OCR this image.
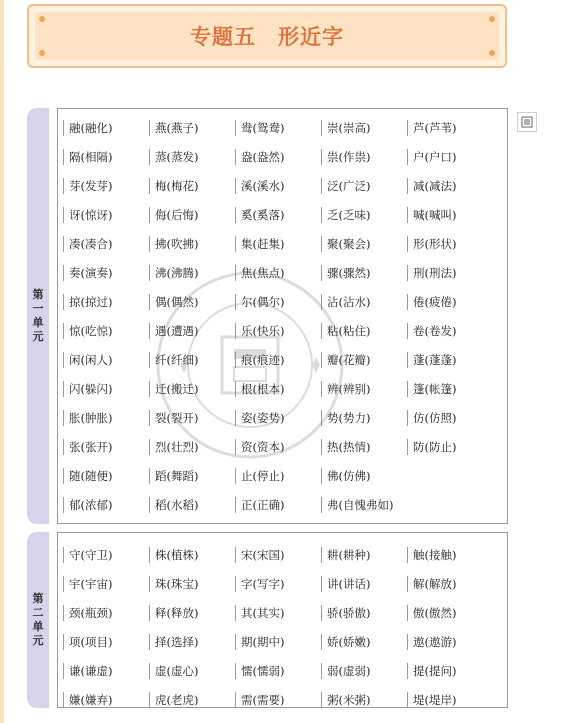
专题五 形近字
第
一
单
元
融(融化)	燕(燕子)	鸯(鸳鸯)	崇(崇高)	芦(芦苇)
隔(相隔)	蒸(蒸发)	盎(盎然)	祟(作祟)	户(户口)
芽(发芽)	梅(梅花)	溪(溪水)	泛(广泛)	减(减法)
讶(惊讶)	侮(后悔)	奚(奚落)	乏(乏味)	喊(喊叫)
凑(凑合)	拂(吹拂)	集(赶集)	聚(聚会)	形(形状)
奏(演奏)	沸(沸腾)	焦(焦点)	骤(骤然)	刑(刑法)
掠(掠过)	偶(偶然)	尔(偶尔)	沾(沾水)	倦(疲倦)
惊(吃惊)	遇(遭遇)	乐(快乐)	粘(粘住)	卷(卷发)
闲(闲人)	纤(纤细)	痕(痕迹)	瓣(花瓣)	蓬(蓬蓬)
闪(躲闪)	迁(搬迁)	根(根本)	辨(辨别)	篷(帐篷)
胀(肿胀)	裂(裂开)	姿(姿势)	势(势力)	仿(仿照)
张(张开)	烈(壮烈)	资(资本)	热(热情)	防(防止)
随(随便)	蹈(舞蹈)	止(停止)	佛(仿佛)
郁(浓郁)	稻(水稻)	正(正确)	弗(自愧弗如)
第
二
单
元
守(守卫)	株(植株)	宋(宋国)	耕(耕种)	触(接触)
宇(宇宙)	珠(珠宝)	字(写字)	讲(讲话)	解(解放)
颈(瓶颈)	释(释放)	其(其实)	骄(骄傲)	傲(傲然)
项(项目)	择(选择)	期(期中)	娇(娇嫩)	遨(遨游)
谦(谦虚)	虚(虚心)	懦(懦弱)	弱(虚弱)	提(提问)
嫌(嫌弃)	虎(老虎)	需(需要)	粥(米粥)	堤(堤岸)
